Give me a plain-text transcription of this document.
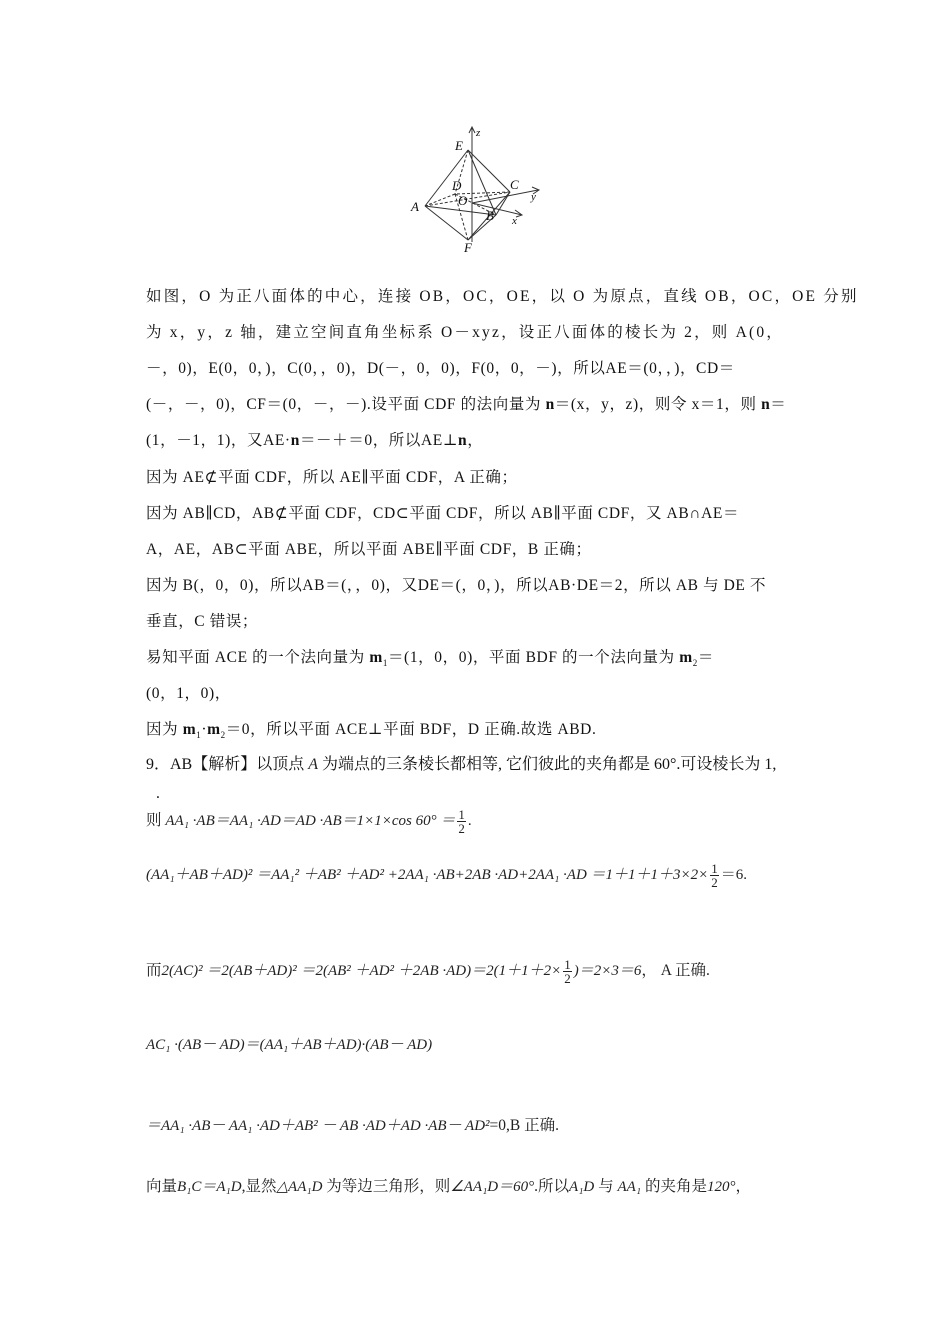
z
y
x
E
D	C
O
A
B
F
如图，O 为正八面体的中心，连接 OB，OC，OE，以 O 为原点，直线 OB，OC，OE 分别
为 x，y，z 轴，建立空间直角坐标系 O－xyz，设正八面体的棱长为 2，则 A(0，
－，0)，E(0，0，)，C(0，，0)，D(－，0，0)，F(0，0，－)，所以AE＝(0，，)，CD＝
(－，－，0)，CF＝(0，－，－).设平面 CDF 的法向量为 n＝(x，y，z)，则令 x＝1，则 n＝
(1，－1，1)，又AE·n＝－＋＝0，所以AE⊥n，
因为 AE⊄平面 CDF，所以 AE∥平面 CDF，A 正确；
因为 AB∥CD，AB⊄平面 CDF，CD⊂平面 CDF，所以 AB∥平面 CDF，又 AB∩AE＝
A，AE，AB⊂平面 ABE，所以平面 ABE∥平面 CDF，B 正确；
因为 B(，0，0)，所以AB＝(，，0)，又DE＝(，0，)，所以AB·DE＝2，所以 AB 与 DE 不
垂直，C 错误；
易知平面 ACE 的一个法向量为 $m_1=(1$，0，0)，平面 BDF 的一个法向量为 $m_2=$
(0，1，0)，
因为 $m_1\cdot m_2=0$，所以平面 ACE⊥平面 BDF，D 正确.故选 ABD.
9．AB【解析】以顶点 A 为端点的三条棱长都相等, 它们彼此的夹角都是 60°.可设棱长为 1,
.
则 AA₁ ·AB＝AA₁ ·AD＝AD ·AB＝1×1×cos $60^\circ = \frac{1}{2}$ .
$(AA_1+AB+AD)^2 =AA_1^2 +AB^2 +AD^2 +2AA_1 \cdot AB+2AB \cdot AD+2AA_1 \cdot AD =1+1+1+3\times 2\times \frac{1}{2} =6$.
而$2(AC)^2 =2(AB+AD)^2 =2(AB^2 +AD^2 +2AB \cdot AD)=2(1+1+2\times \frac{1}{2} )=2\times 3=6$， A 正确.
AC₁ ·(AB－ AD)＝(AA₁＋AB＋AD)·(AB－ AD)
＝AA₁ ·AB－ AA₁ ·AD＋AB² － AB ·AD＋AD ·AB－ AD²=0,B 正确.
向量B₁C＝A₁D,显然△AA₁D 为等边三角形，则∠AA₁D＝60°.所以A₁D 与 AA₁ 的夹角是120°，
